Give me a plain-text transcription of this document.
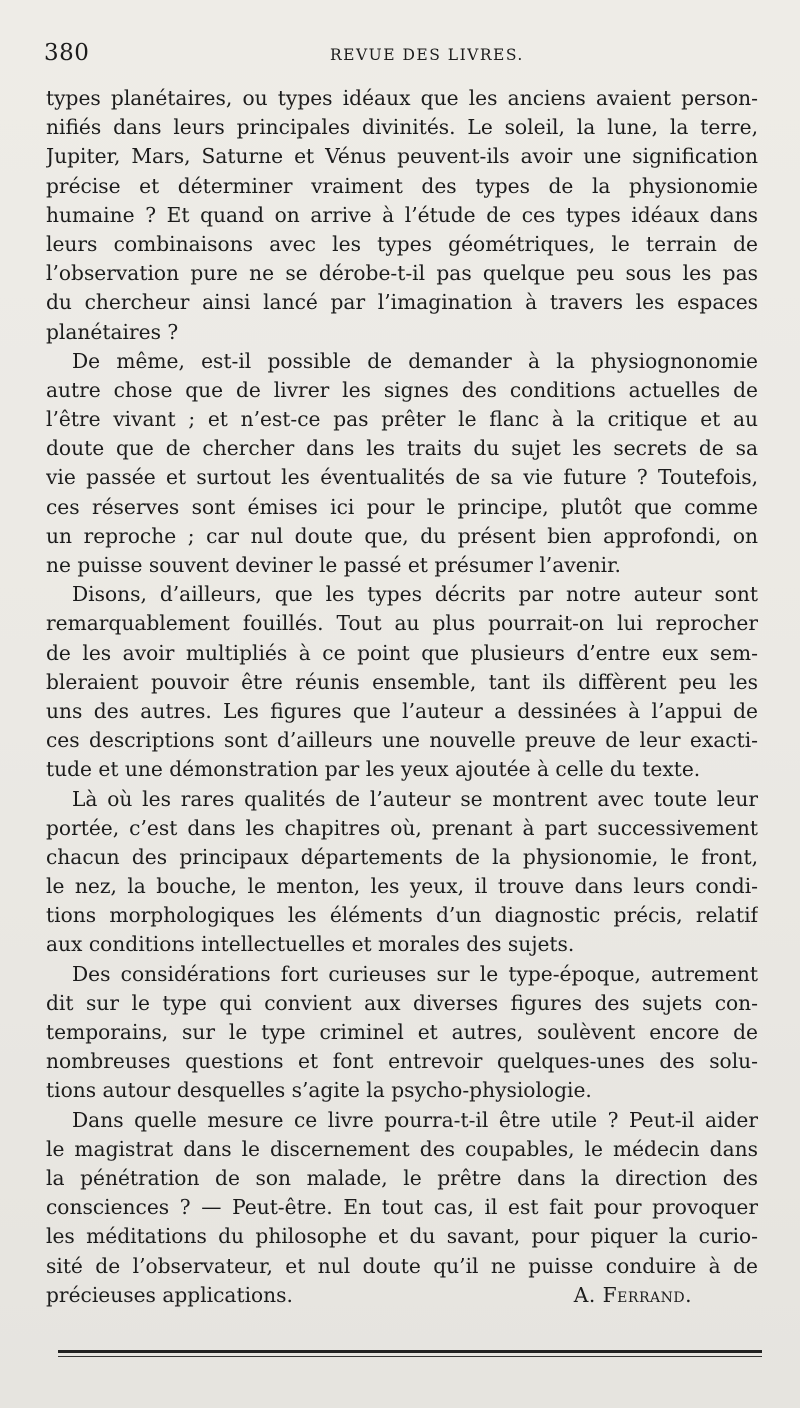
380	REVUE DES LIVRES.
types planétaires, ou types idéaux que les anciens avaient person-
nifiés dans leurs principales divinités. Le soleil, la lune, la terre,
Jupiter, Mars, Saturne et Vénus peuvent-ils avoir une signification
précise et déterminer vraiment des types de la physionomie
humaine ? Et quand on arrive à l’étude de ces types idéaux dans
leurs combinaisons avec les types géométriques, le terrain de
l’observation pure ne se dérobe-t-il pas quelque peu sous les pas
du chercheur ainsi lancé par l’imagination à travers les espaces
planétaires ?
De même, est-il possible de demander à la physiognonomie
autre chose que de livrer les signes des conditions actuelles de
l’être vivant ; et n’est-ce pas prêter le flanc à la critique et au
doute que de chercher dans les traits du sujet les secrets de sa
vie passée et surtout les éventualités de sa vie future ? Toutefois,
ces réserves sont émises ici pour le principe, plutôt que comme
un reproche ; car nul doute que, du présent bien approfondi, on
ne puisse souvent deviner le passé et présumer l’avenir.
Disons, d’ailleurs, que les types décrits par notre auteur sont
remarquablement fouillés. Tout au plus pourrait-on lui reprocher
de les avoir multipliés à ce point que plusieurs d’entre eux sem-
bleraient pouvoir être réunis ensemble, tant ils diffèrent peu les
uns des autres. Les figures que l’auteur a dessinées à l’appui de
ces descriptions sont d’ailleurs une nouvelle preuve de leur exacti-
tude et une démonstration par les yeux ajoutée à celle du texte.
Là où les rares qualités de l’auteur se montrent avec toute leur
portée, c’est dans les chapitres où, prenant à part successivement
chacun des principaux départements de la physionomie, le front,
le nez, la bouche, le menton, les yeux, il trouve dans leurs condi-
tions morphologiques les éléments d’un diagnostic précis, relatif
aux conditions intellectuelles et morales des sujets.
Des considérations fort curieuses sur le type-époque, autrement
dit sur le type qui convient aux diverses figures des sujets con-
temporains, sur le type criminel et autres, soulèvent encore de
nombreuses questions et font entrevoir quelques-unes des solu-
tions autour desquelles s’agite la psycho-physiologie.
Dans quelle mesure ce livre pourra-t-il être utile ? Peut-il aider
le magistrat dans le discernement des coupables, le médecin dans
la pénétration de son malade, le prêtre dans la direction des
consciences ? — Peut-être. En tout cas, il est fait pour provoquer
les méditations du philosophe et du savant, pour piquer la curio-
sité de l’observateur, et nul doute qu’il ne puisse conduire à de
précieuses applications.	A. Ferrand.
